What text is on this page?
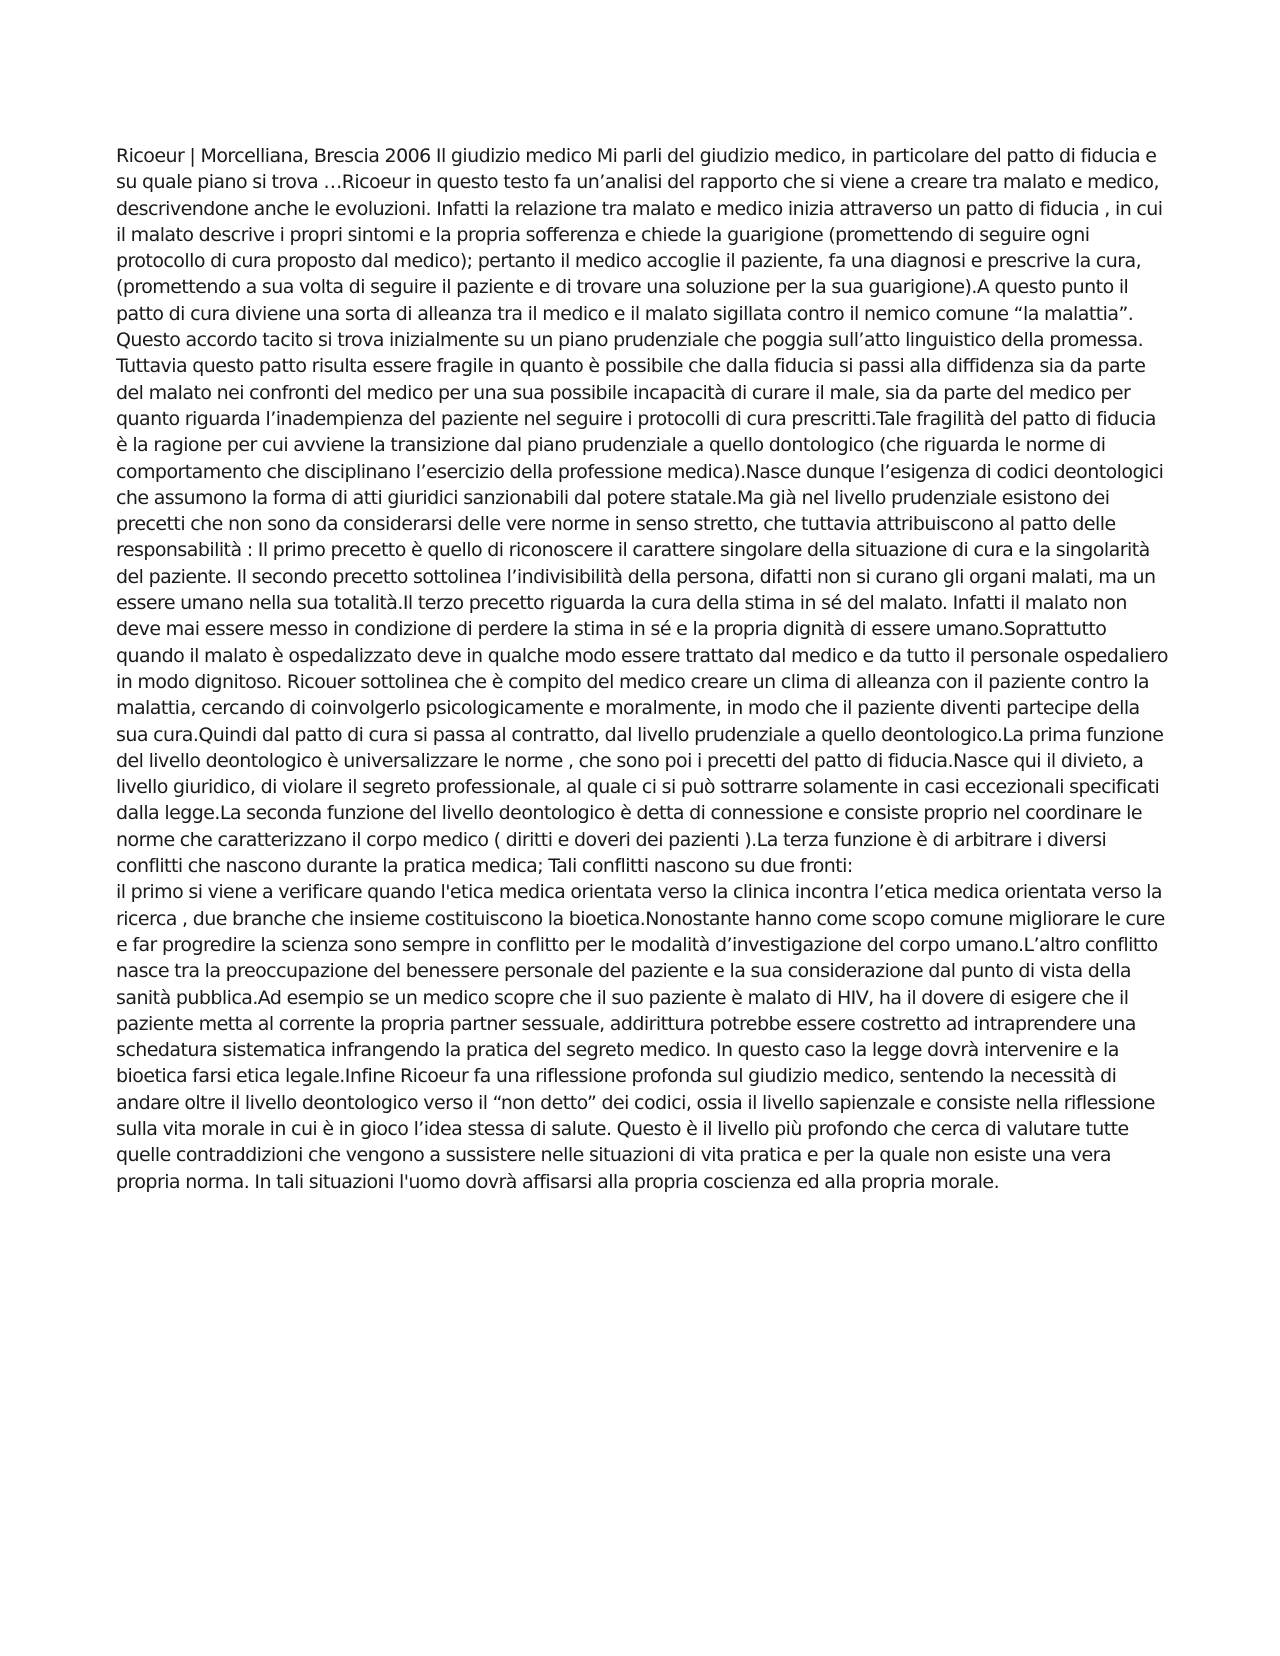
Ricoeur | Morcelliana, Brescia 2006 Il giudizio medico Mi parli del giudizio medico, in particolare del patto di fiducia e su quale piano si trova …Ricoeur in questo testo fa un’analisi del rapporto che si viene a creare tra malato e medico, descrivendone anche le evoluzioni. Infatti la relazione tra malato e medico inizia attraverso un patto di fiducia , in cui il malato descrive i propri sintomi e la propria sofferenza e chiede la guarigione (promettendo di seguire ogni protocollo di cura proposto dal medico); pertanto il medico accoglie il paziente, fa una diagnosi e prescrive la cura, (promettendo a sua volta di seguire il paziente e di trovare una soluzione per la sua guarigione).A questo punto il patto di cura diviene una sorta di alleanza tra il medico e il malato sigillata contro il nemico comune “la malattia”. Questo accordo tacito si trova inizialmente su un piano prudenziale che poggia sull’atto linguistico della promessa. Tuttavia questo patto risulta essere fragile in quanto è possibile che dalla fiducia si passi alla diffidenza sia da parte del malato nei confronti del medico per una sua possibile incapacità di curare il male, sia da parte del medico per quanto riguarda l’inadempienza del paziente nel seguire i protocolli di cura prescritti.Tale fragilità del patto di fiducia è la ragione per cui avviene la transizione dal piano prudenziale a quello dontologico (che riguarda le norme di comportamento che disciplinano l’esercizio della professione medica).Nasce dunque l’esigenza di codici deontologici che assumono la forma di atti giuridici sanzionabili dal potere statale.Ma già nel livello prudenziale esistono dei precetti che non sono da considerarsi delle vere norme in senso stretto, che tuttavia attribuiscono al patto delle responsabilità : Il primo precetto è quello di riconoscere il carattere singolare della situazione di cura e la singolarità del paziente. Il secondo precetto sottolinea l’indivisibilità della persona, difatti non si curano gli organi malati, ma un essere umano nella sua totalità.Il terzo precetto riguarda la cura della stima in sé del malato. Infatti il malato non deve mai essere messo in condizione di perdere la stima in sé e la propria dignità di essere umano.Soprattutto quando il malato è ospedalizzato deve in qualche modo essere trattato dal medico e da tutto il personale ospedaliero in modo dignitoso. Ricouer sottolinea che è compito del medico creare un clima di alleanza con il paziente contro la malattia, cercando di coinvolgerlo psicologicamente e moralmente, in modo che il paziente diventi partecipe della sua cura.Quindi dal patto di cura si passa al contratto, dal livello prudenziale a quello deontologico.La prima funzione del livello deontologico è universalizzare le norme , che sono poi i precetti del patto di fiducia.Nasce qui il divieto, a livello giuridico, di violare il segreto professionale, al quale ci si può sottrarre solamente in casi eccezionali specificati dalla legge.La seconda funzione del livello deontologico è detta di connessione e consiste proprio nel coordinare le norme che caratterizzano il corpo medico ( diritti e doveri dei pazienti ).La terza funzione è di arbitrare i diversi conflitti che nascono durante la pratica medica; Tali conflitti nascono su due fronti:

il primo si viene a verificare quando l'etica medica orientata verso la clinica incontra l’etica medica orientata verso la ricerca , due branche che insieme costituiscono la bioetica.Nonostante hanno come scopo comune migliorare le cure e far progredire la scienza sono sempre in conflitto per le modalità d’investigazione del corpo umano.L’altro conflitto nasce tra la preoccupazione del benessere personale del paziente e la sua considerazione dal punto di vista della sanità pubblica.Ad esempio se un medico scopre che il suo paziente è malato di HIV, ha il dovere di esigere che il paziente metta al corrente la propria partner sessuale, addirittura potrebbe essere costretto ad intraprendere una schedatura sistematica infrangendo la pratica del segreto medico. In questo caso la legge dovrà intervenire e la bioetica farsi etica legale.Infine Ricoeur fa una riflessione profonda sul giudizio medico, sentendo la necessità di andare oltre il livello deontologico verso il “non detto” dei codici, ossia il livello sapienzale e consiste nella riflessione sulla vita morale in cui è in gioco l’idea stessa di salute. Questo è il livello più profondo che cerca di valutare tutte quelle contraddizioni che vengono a sussistere nelle situazioni di vita pratica e per la quale non esiste una vera propria norma. In tali situazioni l'uomo dovrà affisarsi alla propria coscienza ed alla propria morale.
